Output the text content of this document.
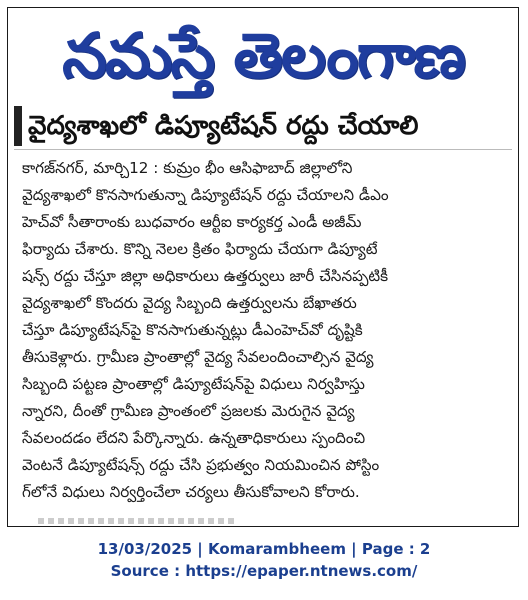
నమస్తే తెలంగాణ
వైద్యశాఖలో డిప్యూటేషన్ రద్దు చేయాలి
కాగజ్‌నగర్, మార్చి12 : కుమ్రం భీం ఆసిఫాబాద్ జిల్లాలోని
వైద్యశాఖలో కొనసాగుతున్నా డిప్యూటేషన్ రద్దు చేయాలని డీఎం
హెచ్‌వో సీతారాంకు బుధవారం ఆర్టీఐ కార్యకర్త ఎండీ అజీమ్
ఫిర్యాదు చేశారు. కొన్ని నెలల క్రితం ఫిర్యాదు చేయగా డిప్యూటే
షన్స్ రద్దు చేస్తూ జిల్లా అధికారులు ఉత్తర్వులు జారీ చేసినప్పటికీ
వైద్యశాఖలో కొందరు వైద్య సిబ్బంది ఉత్తర్వులను బేఖాతరు
చేస్తూ డిప్యూటేషన్‌పై కొనసాగుతున్నట్లు డీఎంహెచ్‌వో దృష్టికి
తీసుకెళ్లారు. గ్రామీణ ప్రాంతాల్లో వైద్య సేవలందించాల్సిన వైద్య
సిబ్బంది పట్టణ ప్రాంతాల్లో డిప్యూటేషన్‌పై విధులు నిర్వహిస్తు
న్నారని, దీంతో గ్రామీణ ప్రాంతంలో ప్రజలకు మెరుగైన వైద్య
సేవలందడం లేదని పేర్కొన్నారు. ఉన్నతాధికారులు స్పందించి
వెంటనే డిప్యూటేషన్స్ రద్దు చేసి ప్రభుత్వం నియమించిన పోస్టిం
గ్‌లోనే విధులు నిర్వర్తించేలా చర్యలు తీసుకోవాలని కోరారు.
13/03/2025 | Komarambheem | Page : 2
Source : https://epaper.ntnews.com/
